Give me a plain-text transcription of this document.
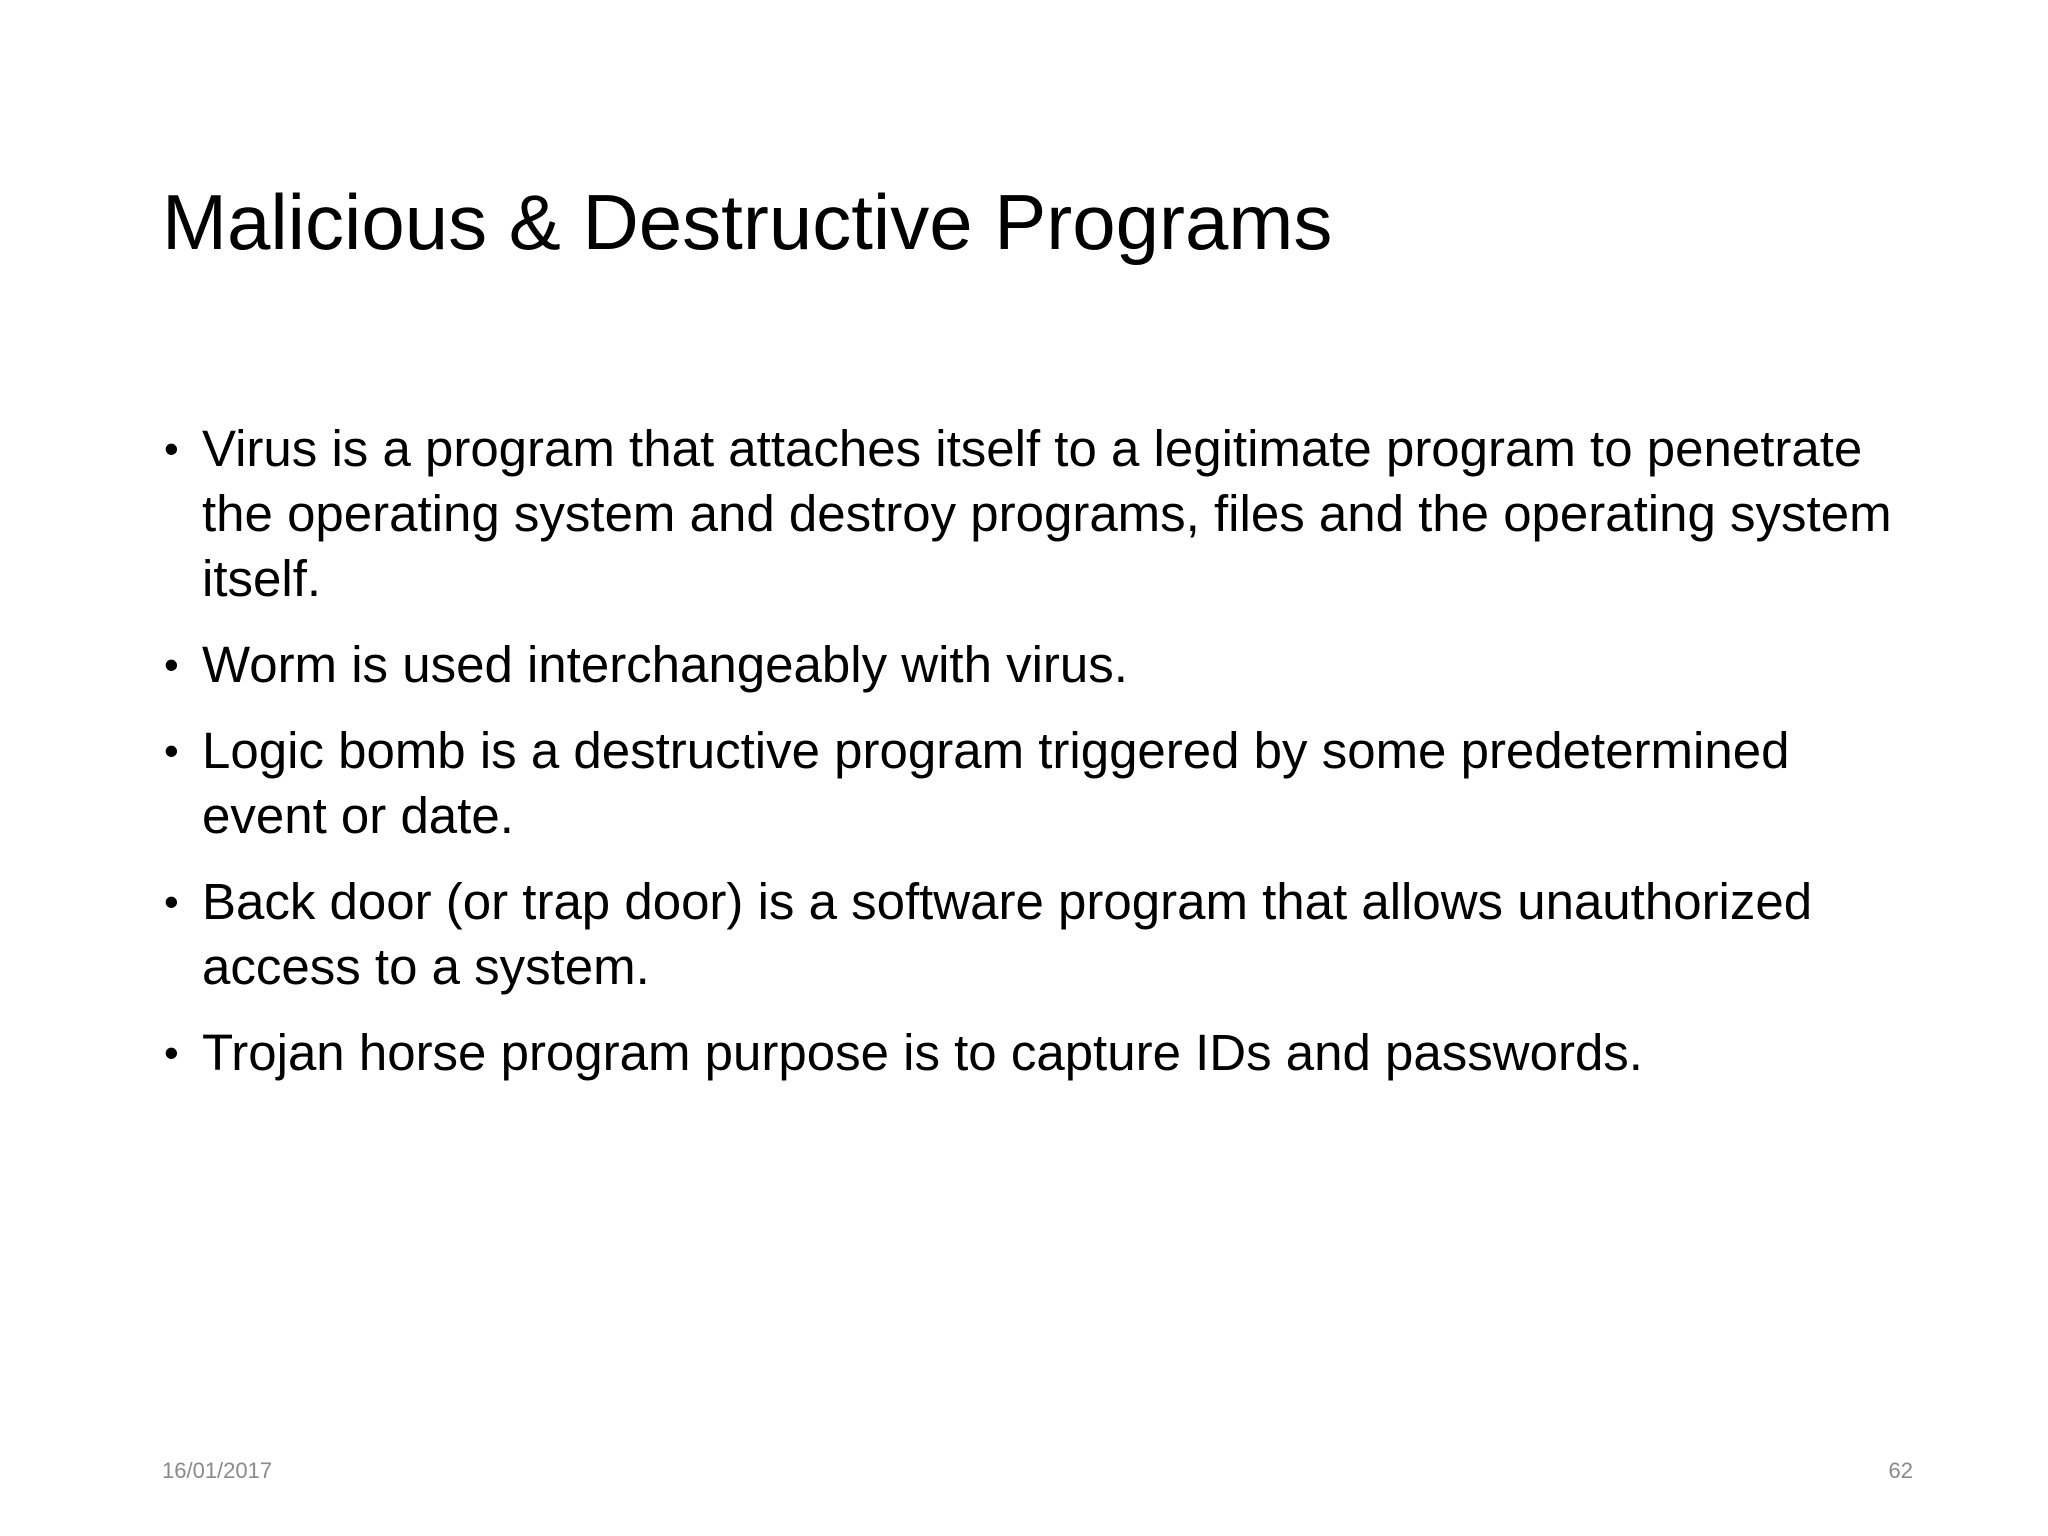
Malicious & Destructive Programs
• Virus is a program that attaches itself to a legitimate program to penetrate the operating system and destroy programs, files and the operating system itself.
• Worm is used interchangeably with virus.
• Logic bomb is a destructive program triggered by some predetermined event or date.
• Back door (or trap door) is a software program that allows unauthorized access to a system.
• Trojan horse program purpose is to capture IDs and passwords.
16/01/2017	62
